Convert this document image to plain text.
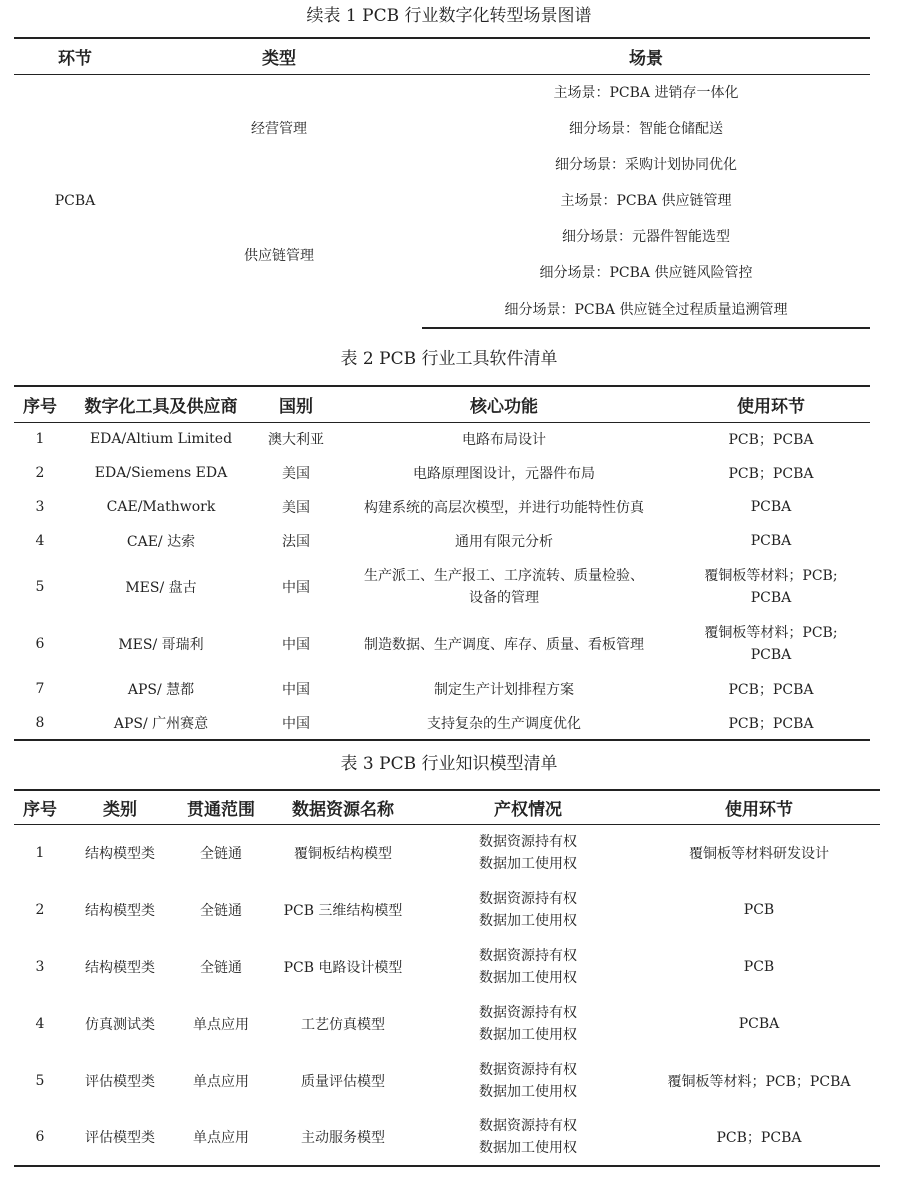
续表 1 PCB 行业数字化转型场景图谱
环节	类型	场景
PCBA	经营管理	主场景：PCBA 进销存一体化
		细分场景：智能仓储配送
		细分场景：采购计划协同优化
	供应链管理	主场景：PCBA 供应链管理
		细分场景：元器件智能选型
		细分场景：PCBA 供应链风险管控
		细分场景：PCBA 供应链全过程质量追溯管理
表 2 PCB 行业工具软件清单
序号	数字化工具及供应商	国别	核心功能	使用环节
1	EDA/Altium Limited	澳大利亚	电路布局设计	PCB；PCBA
2	EDA/Siemens EDA	美国	电路原理图设计，元器件布局	PCB；PCBA
3	CAE/Mathwork	美国	构建系统的高层次模型，并进行功能特性仿真	PCBA
4	CAE/ 达索	法国	通用有限元分析	PCBA
5	MES/ 盘古	中国	生产派工、生产报工、工序流转、质量检验、
设备的管理	覆铜板等材料；PCB;
PCBA

6	MES/ 哥瑞利	中国	制造数据、生产调度、库存、质量、看板管理	覆铜板等材料；PCB;
PCBA

7	APS/ 慧都	中国	制定生产计划排程方案	PCB；PCBA
8	APS/ 广州赛意	中国	支持复杂的生产调度优化	PCB；PCBA
表 3 PCB 行业知识模型清单
序号	类别	贯通范围	数据资源名称	产权情况	使用环节
1	结构模型类	全链通	覆铜板结构模型	数据资源持有权
数据加工使用权	覆铜板等材料研发设计
2	结构模型类	全链通	PCB 三维结构模型	数据资源持有权
数据加工使用权	PCB
3	结构模型类	全链通	PCB 电路设计模型	数据资源持有权
数据加工使用权	PCB
4	仿真测试类	单点应用	工艺仿真模型	数据资源持有权
数据加工使用权	PCBA
5	评估模型类	单点应用	质量评估模型	数据资源持有权
数据加工使用权	覆铜板等材料；PCB；PCBA
6	评估模型类	单点应用	主动服务模型	数据资源持有权
数据加工使用权	PCB；PCBA
